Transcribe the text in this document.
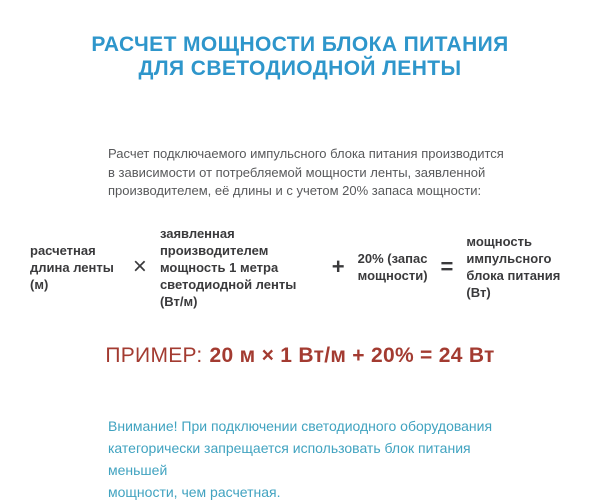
РАСЧЕТ МОЩНОСТИ БЛОКА ПИТАНИЯ
ДЛЯ СВЕТОДИОДНОЙ ЛЕНТЫ
Расчет подключаемого импульсного блока питания производится
в зависимости от потребляемой мощности ленты, заявленной
производителем, её длины и с учетом 20% запаса мощности:
расчетная
длина ленты (м)
×
заявленная производителем
мощность 1 метра
светодиодной ленты (Вт/м)
+ 20% (запас
мощности) =
мощность
импульсного
блока питания (Вт)
ПРИМЕР: 20 м × 1 Вт/м + 20% = 24 Вт
Внимание! При подключении светодиодного оборудования
категорически запрещается использовать блок питания меньшей
мощности, чем расчетная.
